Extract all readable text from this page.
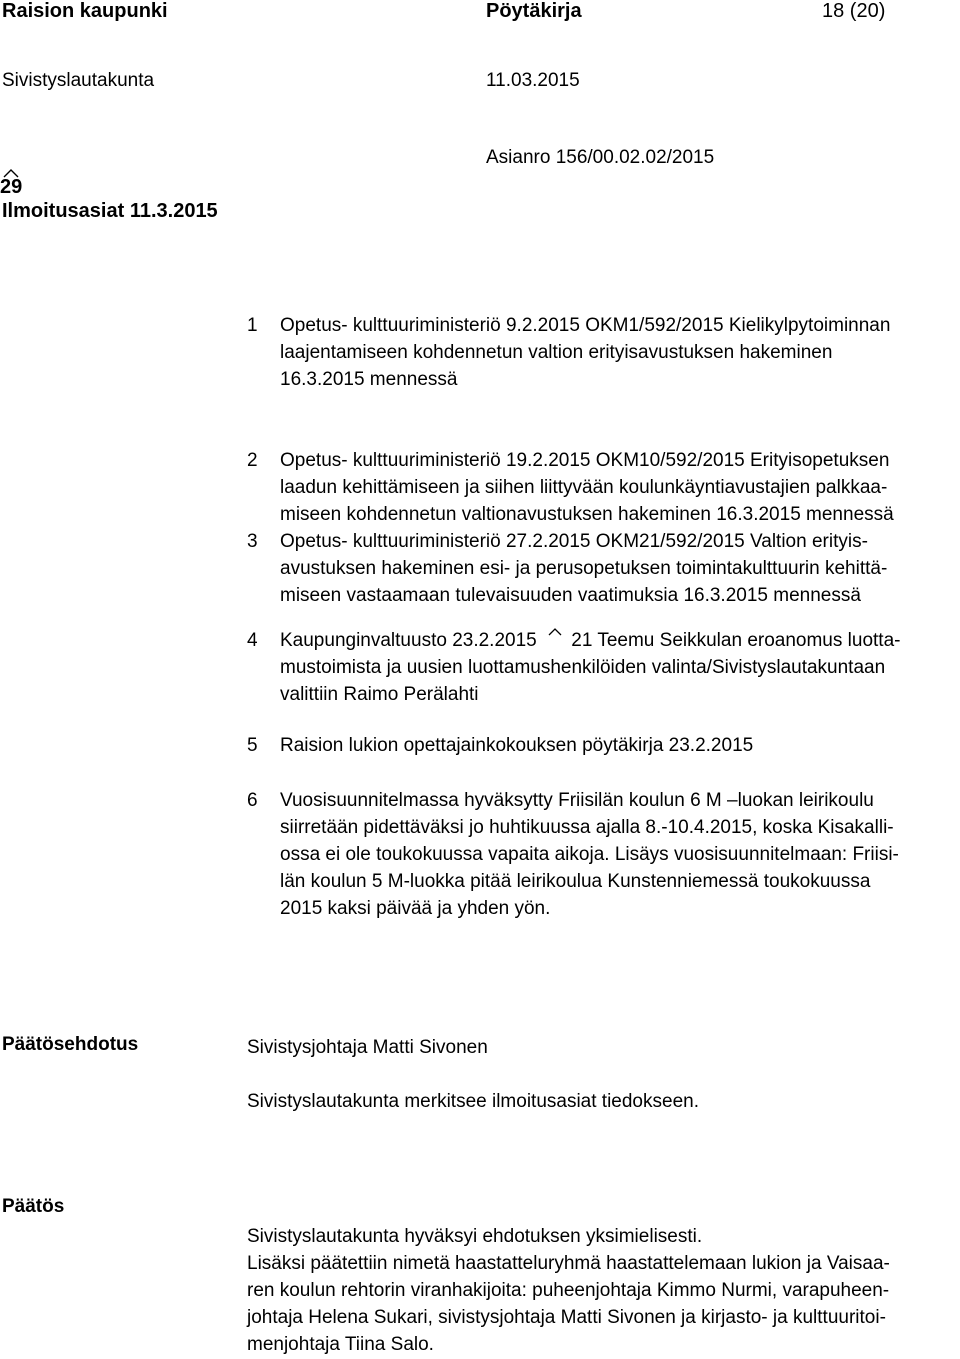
Raision kaupunki	Pöytäkirja	18 (20)
Sivistyslautakunta	11.03.2015
Asianro 156/00.02.02/2015
29
Ilmoitusasiat 11.3.2015
1 Opetus- kulttuuriministeriö 9.2.2015 OKM1/592/2015 Kielikylpytoiminnan
laajentamiseen kohdennetun valtion erityisavustuksen hakeminen
16.3.2015 mennessä
2 Opetus- kulttuuriministeriö 19.2.2015 OKM10/592/2015 Erityisopetuksen
laadun kehittämiseen ja siihen liittyvään koulunkäyntiavustajien palkkaa-
miseen kohdennetun valtionavustuksen hakeminen 16.3.2015 mennessä
3 Opetus- kulttuuriministeriö 27.2.2015 OKM21/592/2015 Valtion erityis-
avustuksen hakeminen esi- ja perusopetuksen toimintakulttuurin kehittä-
miseen vastaamaan tulevaisuuden vaatimuksia 16.3.2015 mennessä
4 Kaupunginvaltuusto 23.2.2015 21 Teemu Seikkulan eroanomus luotta-
mustoimista ja uusien luottamushenkilöiden valinta/Sivistyslautakuntaan
valittiin Raimo Perälahti
5 Raision lukion opettajainkokouksen pöytäkirja 23.2.2015
6 Vuosisuunnitelmassa hyväksytty Friisilän koulun 6 M –luokan leirikoulu
siirretään pidettäväksi jo huhtikuussa ajalla 8.-10.4.2015, koska Kisakalli-
ossa ei ole toukokuussa vapaita aikoja. Lisäys vuosisuunnitelmaan: Friisi-
län koulun 5 M-luokka pitää leirikoulua Kunstenniemessä toukokuussa
2015 kaksi päivää ja yhden yön.
Päätösehdotus	Sivistysjohtaja Matti Sivonen
Sivistyslautakunta merkitsee ilmoitusasiat tiedokseen.
Päätös
Sivistyslautakunta hyväksyi ehdotuksen yksimielisesti.
Lisäksi päätettiin nimetä haastatteluryhmä haastattelemaan lukion ja Vaisaa-
ren koulun rehtorin viranhakijoita: puheenjohtaja Kimmo Nurmi, varapuheen-
johtaja Helena Sukari, sivistysjohtaja Matti Sivonen ja kirjasto- ja kulttuuritoi-
menjohtaja Tiina Salo.
